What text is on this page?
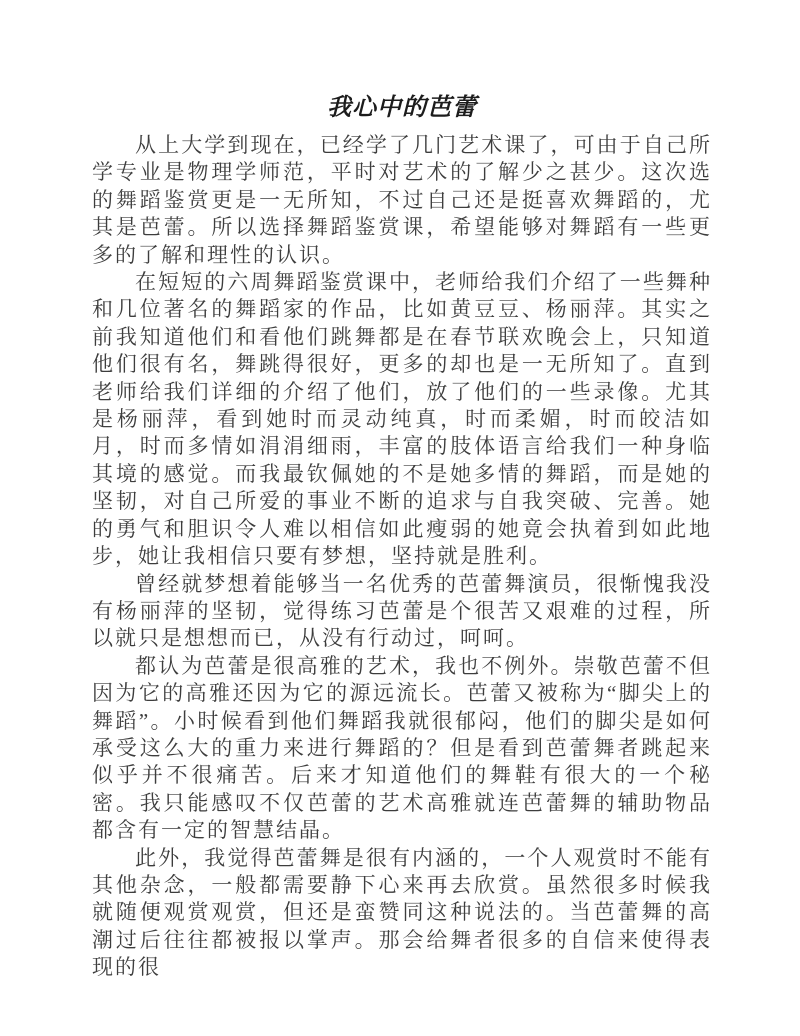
我心中的芭蕾

从上大学到现在，已经学了几门艺术课了，可由于自己所学专业是物理学师范，平时对艺术的了解少之甚少。这次选的舞蹈鉴赏更是一无所知，不过自己还是挺喜欢舞蹈的，尤其是芭蕾。所以选择舞蹈鉴赏课，希望能够对舞蹈有一些更多的了解和理性的认识。

在短短的六周舞蹈鉴赏课中，老师给我们介绍了一些舞种和几位著名的舞蹈家的作品，比如黄豆豆、杨丽萍。其实之前我知道他们和看他们跳舞都是在春节联欢晚会上，只知道他们很有名，舞跳得很好，更多的却也是一无所知了。直到老师给我们详细的介绍了他们，放了他们的一些录像。尤其是杨丽萍，看到她时而灵动纯真，时而柔媚，时而皎洁如月，时而多情如涓涓细雨，丰富的肢体语言给我们一种身临其境的感觉。而我最钦佩她的不是她多情的舞蹈，而是她的坚韧，对自己所爱的事业不断的追求与自我突破、完善。她的勇气和胆识令人难以相信如此瘦弱的她竟会执着到如此地步，她让我相信只要有梦想，坚持就是胜利。

曾经就梦想着能够当一名优秀的芭蕾舞演员，很惭愧我没有杨丽萍的坚韧，觉得练习芭蕾是个很苦又艰难的过程，所以就只是想想而已，从没有行动过，呵呵。

都认为芭蕾是很高雅的艺术，我也不例外。崇敬芭蕾不但因为它的高雅还因为它的源远流长。芭蕾又被称为“脚尖上的舞蹈”。小时候看到他们舞蹈我就很郁闷，他们的脚尖是如何承受这么大的重力来进行舞蹈的？但是看到芭蕾舞者跳起来似乎并不很痛苦。后来才知道他们的舞鞋有很大的一个秘密。我只能感叹不仅芭蕾的艺术高雅就连芭蕾舞的辅助物品都含有一定的智慧结晶。

此外，我觉得芭蕾舞是很有内涵的，一个人观赏时不能有其他杂念，一般都需要静下心来再去欣赏。虽然很多时候我就随便观赏观赏，但还是蛮赞同这种说法的。当芭蕾舞的高潮过后往往都被报以掌声。那会给舞者很多的自信来使得表现的很
